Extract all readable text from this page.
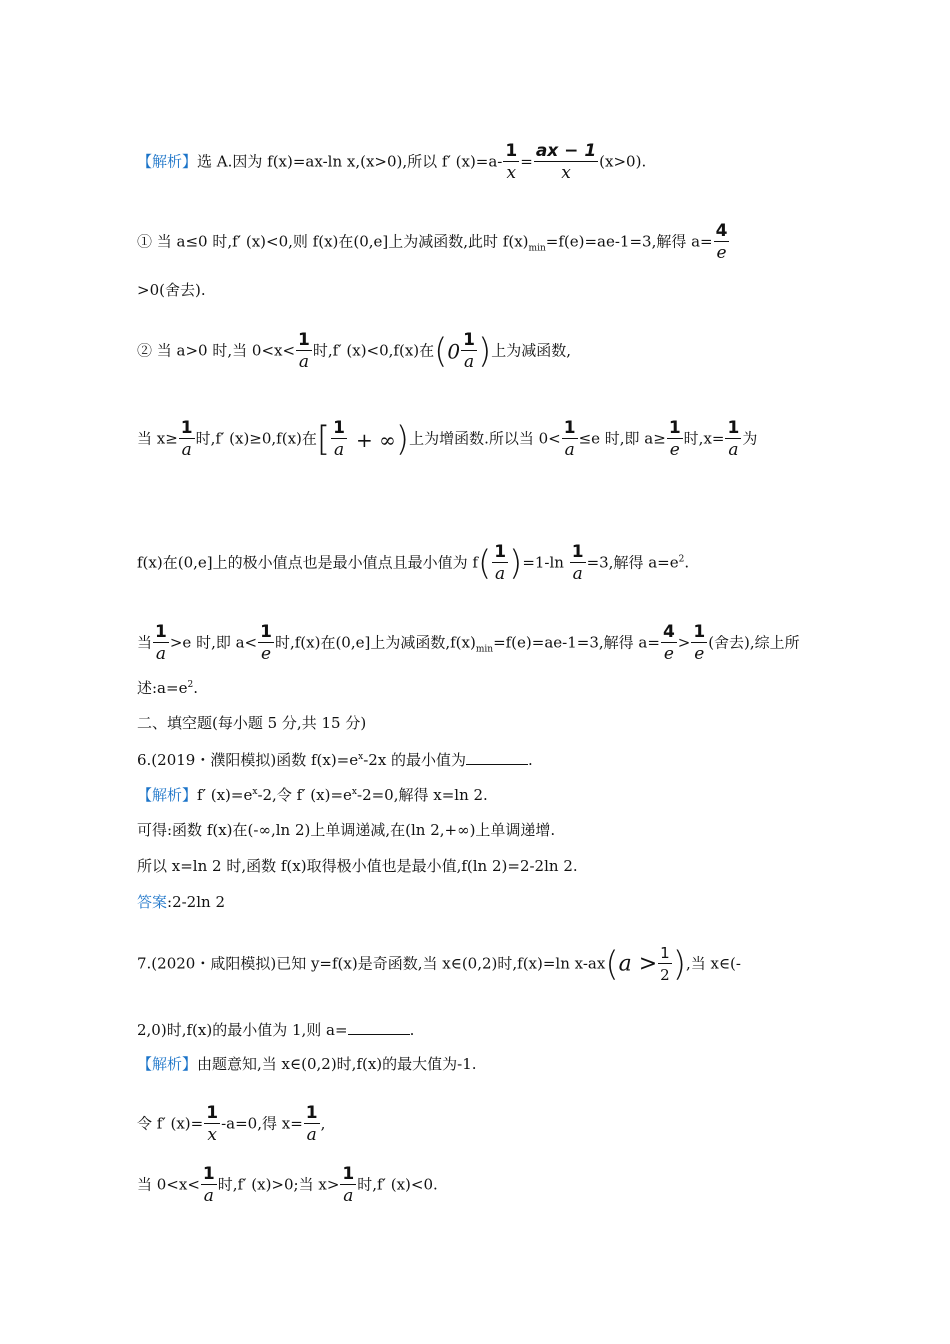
【解析】选 A.因为 f(x)=ax-ln x,(x>0),所以 f′ $(x)=a- \frac{1}{x} = \frac{ax - 1}{x} (x>0)$.
① 当 a≤0 时,f′ (x)<0,则 f(x)在(0,e]上为减函数,此时 $f(x)_{min}=f(e)=ae-1=3$,解得 $a= \frac{4}{e}$
>0(舍去).
② 当 a>0 时,当 $0<x< \frac{1}{a}$ 时,f′ (x)<0,f(x)在($0 \frac{1}{a}$ )上为减函数,
当 $x\ge \frac{1}{a}$ 时,f′ (x)≥0,f(x)在[ $\frac{1}{a}$ + ∞)上为增函数.所以当 $0< \frac{1}{a} \le e$ 时,即 $a\ge \frac{1}{e}$ 时$,x= \frac{1}{a}$ 为
f(x)在(0,e]上的极小值点也是最小值点且最小值为 $f( \frac{1}{a} )=1-\ln \frac{1}{a} =3$,解得 $a=e^2$.
当 $\frac{1}{a} >e$ 时,即 $a< \frac{1}{e}$ 时,f(x)在(0,e]上为减函数$,f(x)_{min}=f(e)=ae-1=3$,解得 $a= \frac{4}{e} > \frac{1}{e}$ (舍去),综上所
述$:a=e^2$.
二、填空题(每小题 5 分,共 15 分)
6.(2019・濮阳模拟)函数 $f(x)=e^x-2x$ 的最小值为	.
【解析】f′ $(x)=e^x-2$,令 f′ $(x)=e^x-2=0$,解得 x=ln 2.
可得:函数 f(x)在(-∞,ln 2)上单调递减,在(ln 2,+∞)上单调递增.
所以 x=ln 2 时,函数 f(x)取得极小值也是最小值,f(ln 2)=2-2ln 2.
答案:2-2ln 2
7.(2020・咸阳模拟)已知 y=f(x)是奇函数,当 x∈(0,2)时,f(x)=ln $x-ax(a > \frac{1}{2}$ ),当 x∈(-
2,0)时,f(x)的最小值为 1,则 a=	.
【解析】由题意知,当 x∈(0,2)时,f(x)的最大值为-1.
令 f′ $(x)= \frac{1}{x} -a=0$,得 $x= \frac{1}{a}$ ,
当 $0<x< \frac{1}{a}$ 时,f′ (x)>0;当 $x> \frac{1}{a}$ 时,f′ (x)<0.
